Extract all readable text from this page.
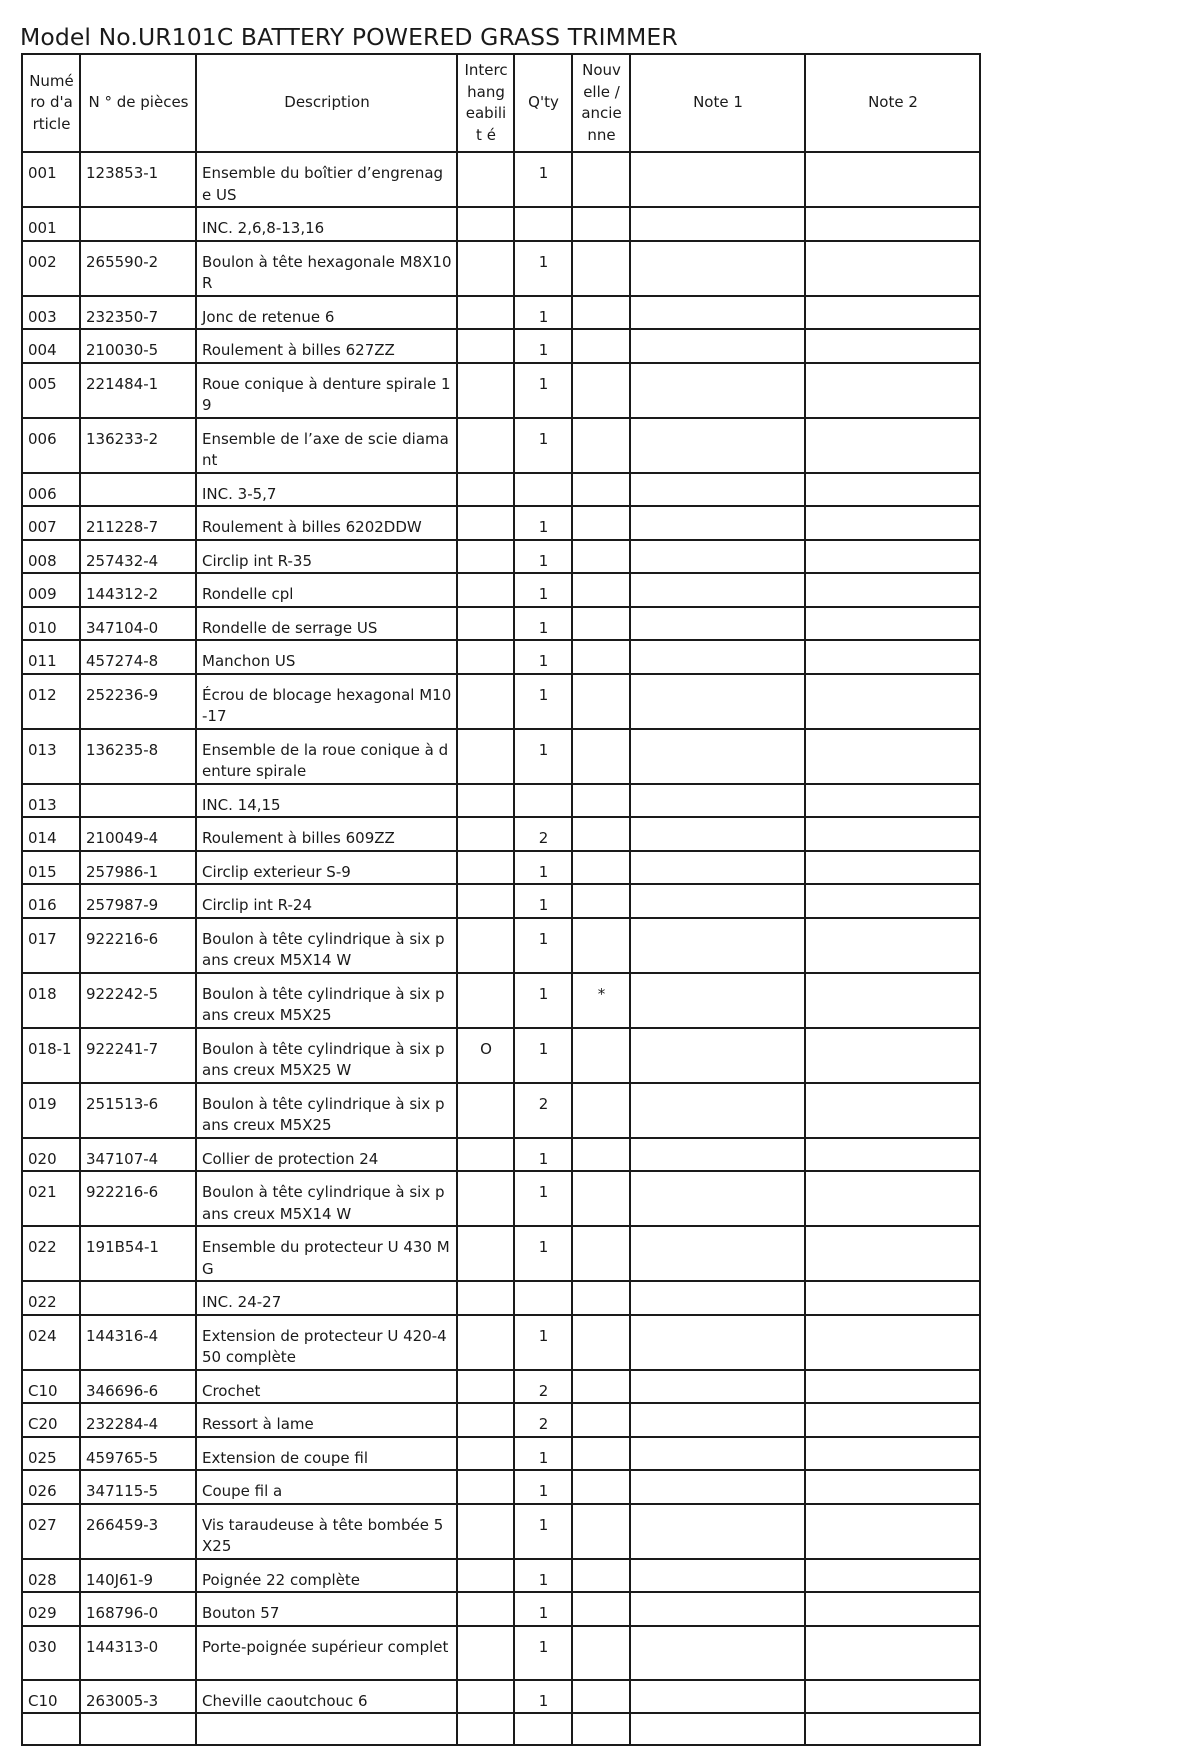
Model No.UR101C BATTERY POWERED GRASS TRIMMER
Numé ro d'a rticle	N ° de pièces	Description	Interc hang eabilit é	Q'ty	Nouv elle / ancie nne	Note 1	Note 2
001	123853-1	Ensemble du boîtier d’engrenage US		1			
001		INC. 2,6,8-13,16					
002	265590-2	Boulon à tête hexagonale M8X10 R		1			
003	232350-7	Jonc de retenue 6		1			
004	210030-5	Roulement à billes 627ZZ		1			
005	221484-1	Roue conique à denture spirale 19		1			
006	136233-2	Ensemble de l’axe de scie diamant		1			
006		INC. 3-5,7					
007	211228-7	Roulement à billes 6202DDW		1			
008	257432-4	Circlip int R-35		1			
009	144312-2	Rondelle cpl		1			
010	347104-0	Rondelle de serrage US		1			
011	457274-8	Manchon US		1			
012	252236-9	Écrou de blocage hexagonal M10-17		1			
013	136235-8	Ensemble de la roue conique à denture spirale		1			
013		INC. 14,15					
014	210049-4	Roulement à billes 609ZZ		2			
015	257986-1	Circlip exterieur S-9		1			
016	257987-9	Circlip int R-24		1			
017	922216-6	Boulon à tête cylindrique à six pans creux M5X14 W		1			
018	922242-5	Boulon à tête cylindrique à six pans creux M5X25		1	*		
018-1	922241-7	Boulon à tête cylindrique à six pans creux M5X25 W	O	1			
019	251513-6	Boulon à tête cylindrique à six pans creux M5X25		2			
020	347107-4	Collier de protection 24		1			
021	922216-6	Boulon à tête cylindrique à six pans creux M5X14 W		1			
022	191B54-1	Ensemble du protecteur U 430 MG		1			
022		INC. 24-27					
024	144316-4	Extension de protecteur U 420-450 complète		1			
C10	346696-6	Crochet		2			
C20	232284-4	Ressort à lame		2			
025	459765-5	Extension de coupe fil		1			
026	347115-5	Coupe fil a		1			
027	266459-3	Vis taraudeuse à tête bombée 5X25		1			
028	140J61-9	Poignée 22 complète		1			
029	168796-0	Bouton 57		1			
030	144313-0	Porte-poignée supérieur complet		1			
C10	263005-3	Cheville caoutchouc 6		1			
